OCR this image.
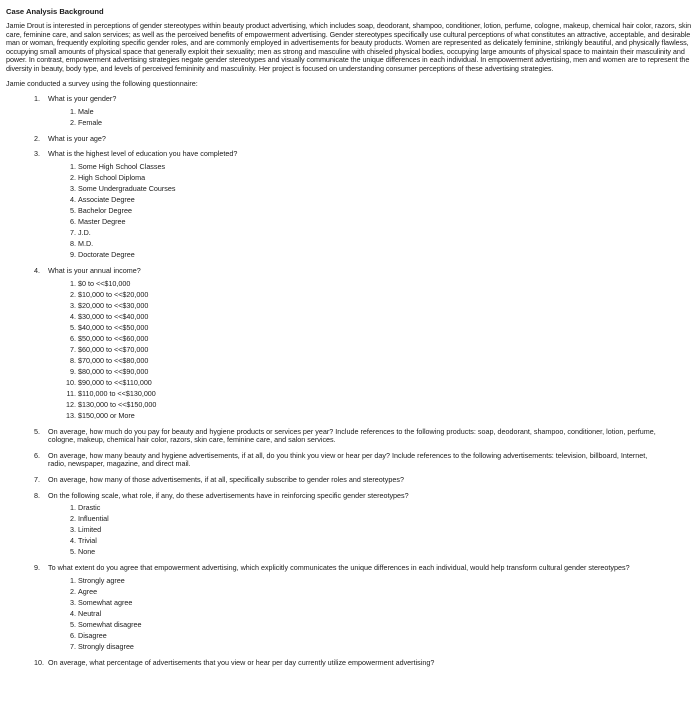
Case Analysis Background

Jamie Drout is interested in perceptions of gender stereotypes within beauty product advertising, which includes soap, deodorant, shampoo, conditioner, lotion, perfume, cologne, makeup, chemical hair color, razors, skin care, feminine care, and salon services; as well as the perceived benefits of empowerment advertising. Gender stereotypes specifically use cultural perceptions of what constitutes an attractive, acceptable, and desirable man or woman, frequently exploiting specific gender roles, and are commonly employed in advertisements for beauty products. Women are represented as delicately feminine, strikingly beautiful, and physically flawless, occupying small amounts of physical space that generally exploit their sexuality; men as strong and masculine with chiseled physical bodies, occupying large amounts of physical space to maintain their masculinity and power. In contrast, empowerment advertising strategies negate gender stereotypes and visually communicate the unique differences in each individual. In empowerment advertising, men and women are to represent the diversity in beauty, body type, and levels of perceived femininity and masculinity. Her project is focused on understanding consumer perceptions of these advertising strategies.

Jamie conducted a survey using the following questionnaire:

1. What is your gender?
1. Male
2. Female
2. What is your age?
3. What is the highest level of education you have completed?
1. Some High School Classes
2. High School Diploma
3. Some Undergraduate Courses
4. Associate Degree
5. Bachelor Degree
6. Master Degree
7. J.D.
8. M.D.
9. Doctorate Degree
4. What is your annual income?
1. $0 to <<$10,000
2. $10,000 to <<$20,000
3. $20,000 to <<$30,000
4. $30,000 to <<$40,000
5. $40,000 to <<$50,000
6. $50,000 to <<$60,000
7. $60,000 to <<$70,000
8. $70,000 to <<$80,000
9. $80,000 to <<$90,000
10. $90,000 to <<$110,000
11. $110,000 to <<$130,000
12. $130,000 to <<$150,000
13. $150,000 or More
5. On average, how much do you pay for beauty and hygiene products or services per year? Include references to the following products: soap, deodorant, shampoo, conditioner, lotion, perfume, cologne, makeup, chemical hair color, razors, skin care, feminine care, and salon services.
6. On average, how many beauty and hygiene advertisements, if at all, do you think you view or hear per day? Include references to the following advertisements: television, billboard, Internet, radio, newspaper, magazine, and direct mail.
7. On average, how many of those advertisements, if at all, specifically subscribe to gender roles and stereotypes?
8. On the following scale, what role, if any, do these advertisements have in reinforcing specific gender stereotypes?
1. Drastic
2. Influential
3. Limited
4. Trivial
5. None
9. To what extent do you agree that empowerment advertising, which explicitly communicates the unique differences in each individual, would help transform cultural gender stereotypes?
1. Strongly agree
2. Agree
3. Somewhat agree
4. Neutral
5. Somewhat disagree
6. Disagree
7. Strongly disagree
10. On average, what percentage of advertisements that you view or hear per day currently utilize empowerment advertising?
